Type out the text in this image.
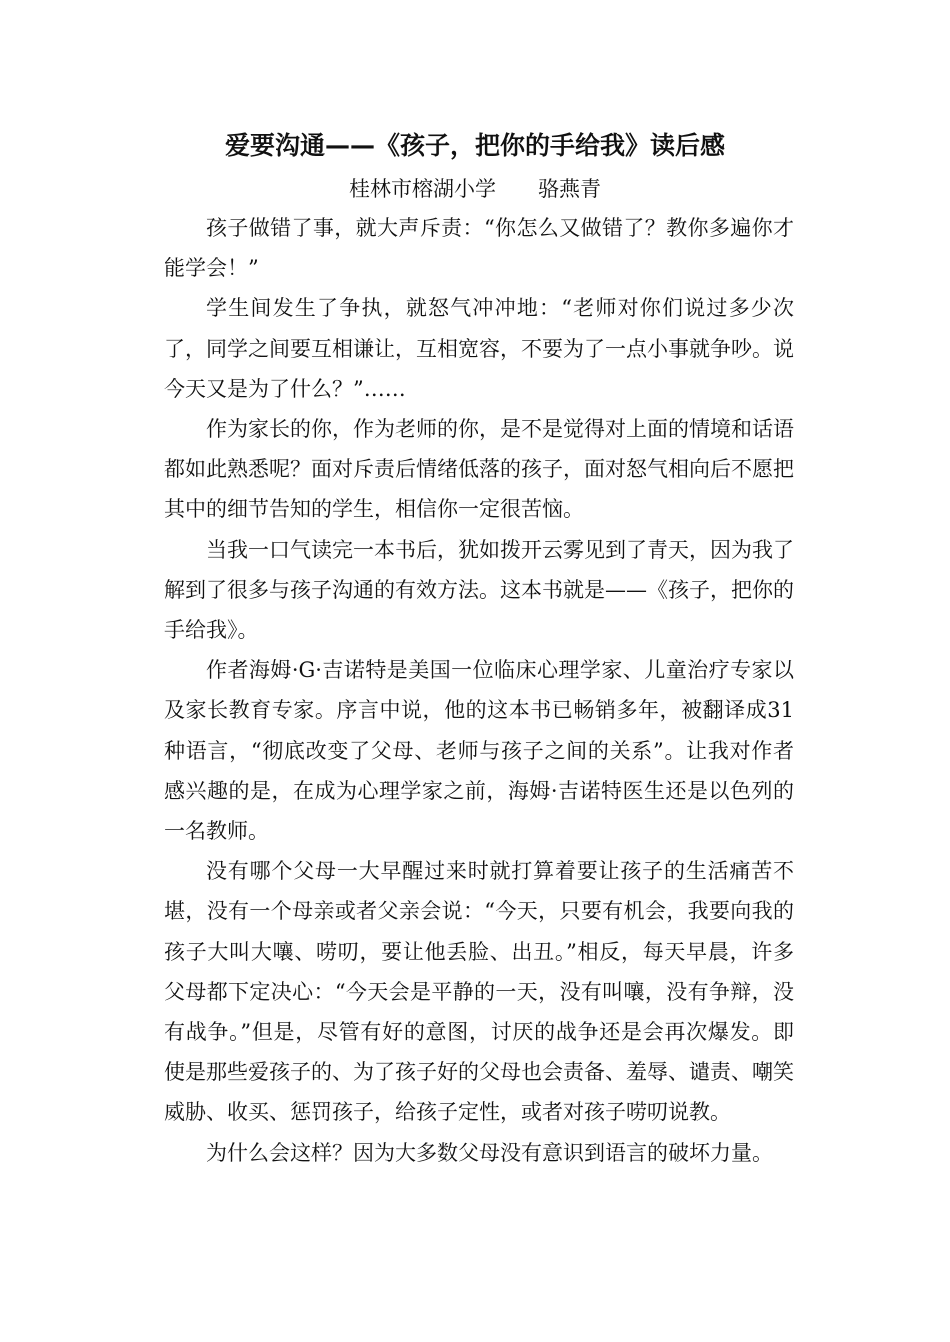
爱要沟通——《孩子，把你的手给我》读后感
桂林市榕湖小学 骆燕青

孩子做错了事，就大声斥责：“你怎么又做错了？教你多遍你才能学会！”

学生间发生了争执，就怒气冲冲地：“老师对你们说过多少次了，同学之间要互相谦让，互相宽容，不要为了一点小事就争吵。说今天又是为了什么？”……

作为家长的你，作为老师的你，是不是觉得对上面的情境和话语都如此熟悉呢？面对斥责后情绪低落的孩子，面对怒气相向后不愿把其中的细节告知的学生，相信你一定很苦恼。

当我一口气读完一本书后，犹如拨开云雾见到了青天，因为我了解到了很多与孩子沟通的有效方法。这本书就是——《孩子，把你的手给我》。

作者海姆·G·吉诺特是美国一位临床心理学家、儿童治疗专家以及家长教育专家。序言中说，他的这本书已畅销多年，被翻译成31种语言，“彻底改变了父母、老师与孩子之间的关系”。让我对作者感兴趣的是，在成为心理学家之前，海姆·吉诺特医生还是以色列的一名教师。

没有哪个父母一大早醒过来时就打算着要让孩子的生活痛苦不堪，没有一个母亲或者父亲会说：“今天，只要有机会，我要向我的孩子大叫大嚷、唠叨，要让他丢脸、出丑。”相反，每天早晨，许多父母都下定决心：“今天会是平静的一天，没有叫嚷，没有争辩，没有战争。”但是，尽管有好的意图，讨厌的战争还是会再次爆发。即使是那些爱孩子的、为了孩子好的父母也会责备、羞辱、谴责、嘲笑威胁、收买、惩罚孩子，给孩子定性，或者对孩子唠叨说教。

为什么会这样？因为大多数父母没有意识到语言的破坏力量。
